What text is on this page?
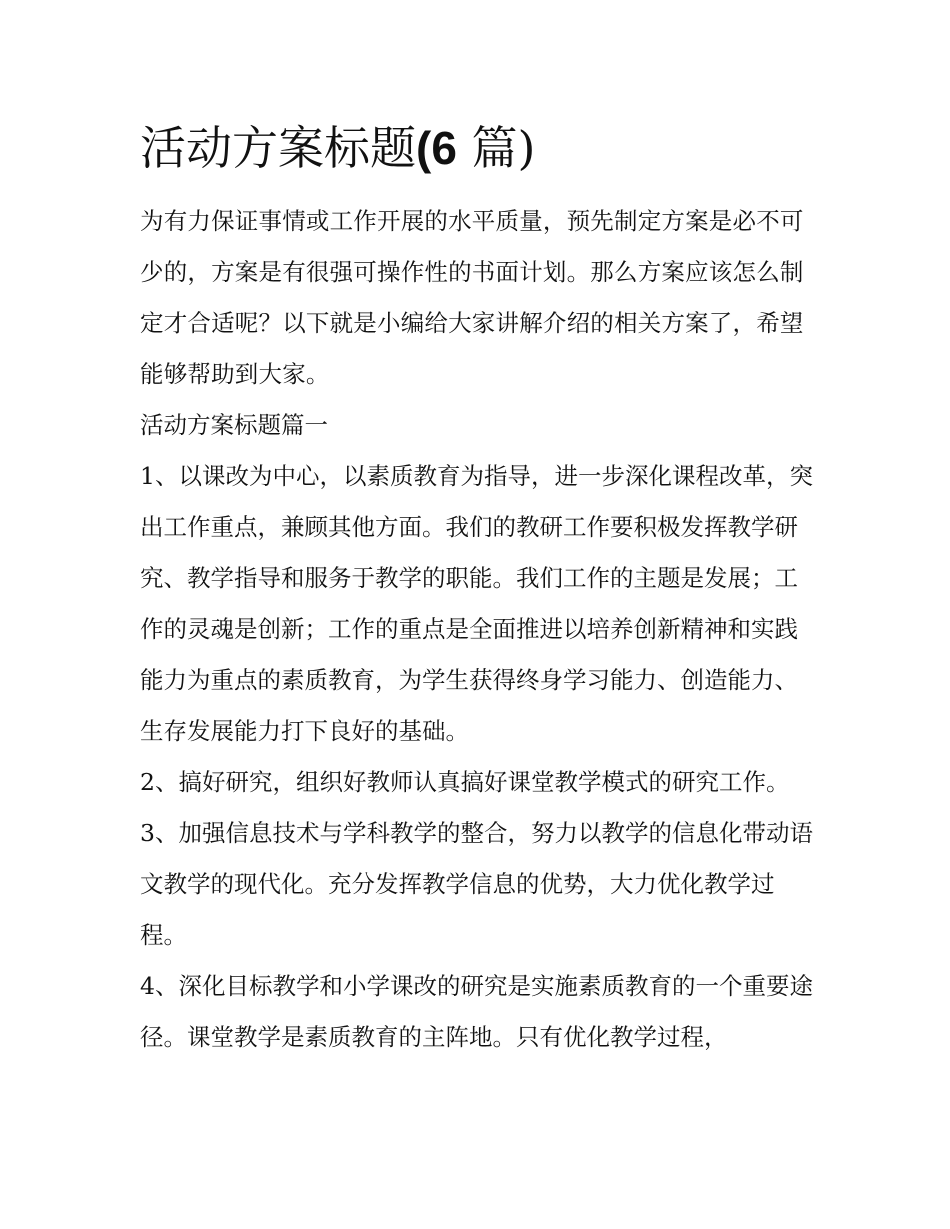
活动方案标题(6 篇)

为有力保证事情或工作开展的水平质量，预先制定方案是必不可少的，方案是有很强可操作性的书面计划。那么方案应该怎么制定才合适呢？以下就是小编给大家讲解介绍的相关方案了，希望能够帮助到大家。

活动方案标题篇一

1、以课改为中心，以素质教育为指导，进一步深化课程改革，突出工作重点，兼顾其他方面。我们的教研工作要积极发挥教学研究、教学指导和服务于教学的职能。我们工作的主题是发展；工作的灵魂是创新；工作的重点是全面推进以培养创新精神和实践能力为重点的素质教育，为学生获得终身学习能力、创造能力、生存发展能力打下良好的基础。

2、搞好研究，组织好教师认真搞好课堂教学模式的研究工作。

3、加强信息技术与学科教学的整合，努力以教学的信息化带动语文教学的现代化。充分发挥教学信息的优势，大力优化教学过程。

4、深化目标教学和小学课改的研究是实施素质教育的一个重要途径。课堂教学是素质教育的主阵地。只有优化教学过程，
